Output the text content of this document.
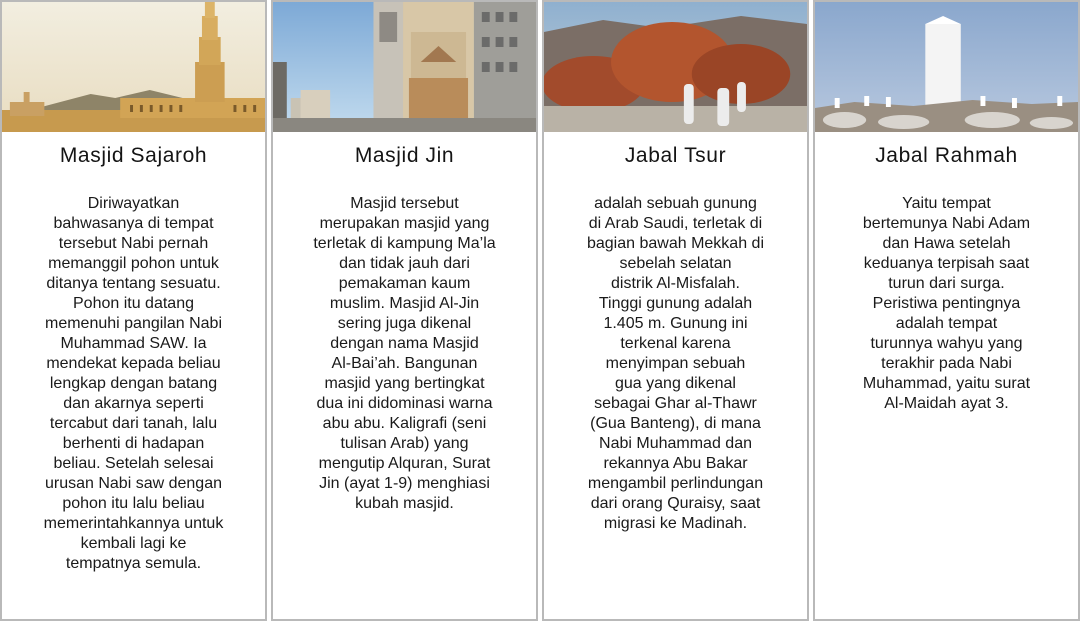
Masjid Sajaroh
Diriwayatkan
bahwasanya di tempat
tersebut Nabi pernah
memanggil pohon untuk
ditanya tentang sesuatu.
Pohon itu datang
memenuhi pangilan Nabi
Muhammad SAW. Ia
mendekat kepada beliau
lengkap dengan batang
dan akarnya seperti
tercabut dari tanah, lalu
berhenti di hadapan
beliau. Setelah selesai
urusan Nabi saw dengan
pohon itu lalu beliau
memerintahkannya untuk
kembali lagi ke
tempatnya semula.
Masjid Jin
Masjid tersebut
merupakan masjid yang
terletak di kampung Ma’la
dan tidak jauh dari
pemakaman kaum
muslim. Masjid Al-Jin
sering juga dikenal
dengan nama Masjid
Al-Bai’ah. Bangunan
masjid yang bertingkat
dua ini didominasi warna
abu abu. Kaligrafi (seni
tulisan Arab) yang
mengutip Alquran, Surat
Jin (ayat 1-9) menghiasi
kubah masjid.
Jabal Tsur
adalah sebuah gunung
di Arab Saudi, terletak di
bagian bawah Mekkah di
sebelah selatan
distrik Al-Misfalah.
Tinggi gunung adalah
1.405 m. Gunung ini
terkenal karena
menyimpan sebuah
gua yang dikenal
sebagai Ghar al-Thawr
(Gua Banteng), di mana
Nabi Muhammad dan
rekannya Abu Bakar
mengambil perlindungan
dari orang Quraisy, saat
migrasi ke Madinah.
Jabal Rahmah
Yaitu tempat
bertemunya Nabi Adam
dan Hawa setelah
keduanya terpisah saat
turun dari surga.
Peristiwa pentingnya
adalah tempat
turunnya wahyu yang
terakhir pada Nabi
Muhammad, yaitu surat
Al-Maidah ayat 3.
